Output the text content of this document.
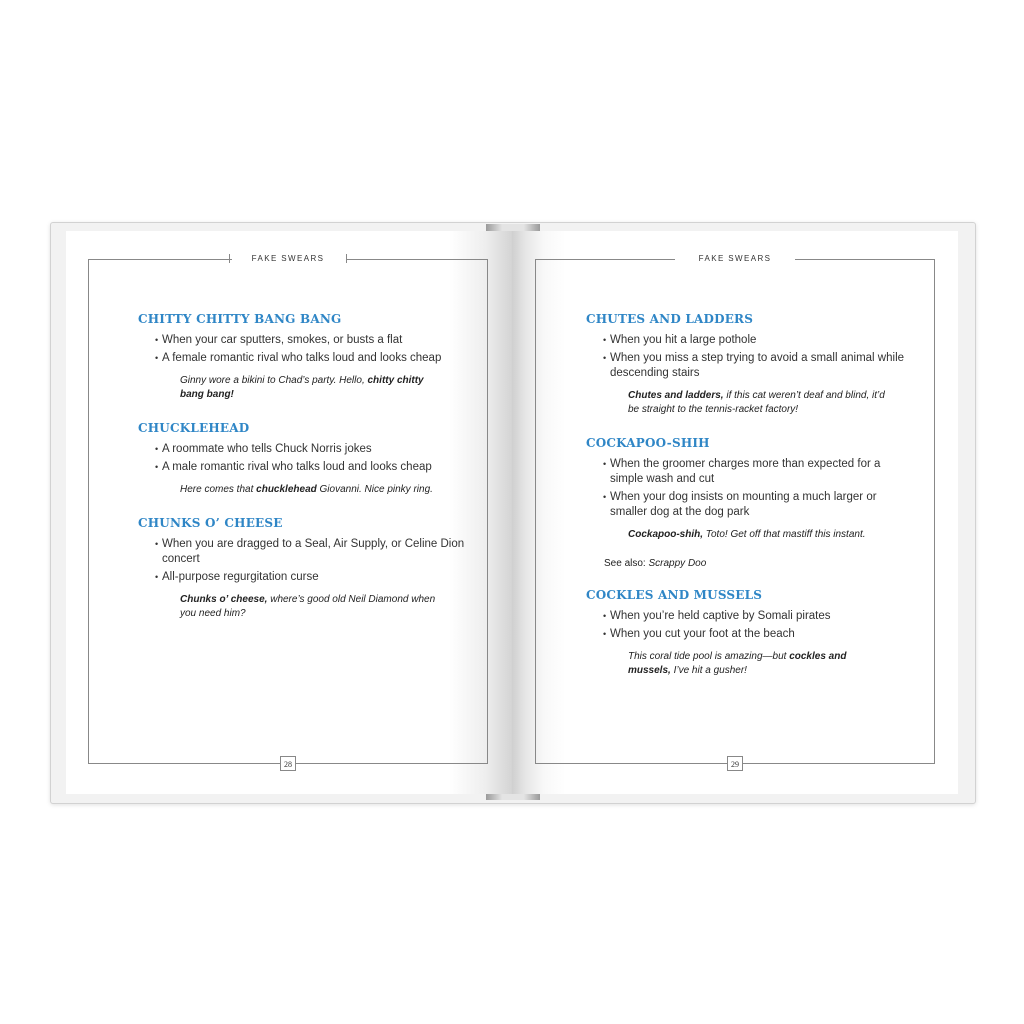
FAKE SWEARS
28
CHITTY CHITTY BANG BANG
• When your car sputters, smokes, or busts a flat
• A female romantic rival who talks loud and looks cheap
Ginny wore a bikini to Chad’s party. Hello, chitty chitty bang bang!
CHUCKLEHEAD
• A roommate who tells Chuck Norris jokes
• A male romantic rival who talks loud and looks cheap
Here comes that chucklehead Giovanni. Nice pinky ring.
CHUNKS O’ CHEESE
• When you are dragged to a Seal, Air Supply, or Celine Dion concert
• All-purpose regurgitation curse
Chunks o’ cheese, where’s good old Neil Diamond when you need him?
FAKE SWEARS
29
CHUTES AND LADDERS
• When you hit a large pothole
• When you miss a step trying to avoid a small animal while descending stairs
Chutes and ladders, if this cat weren’t deaf and blind, it’d be straight to the tennis-racket factory!
COCKAPOO-SHIH
• When the groomer charges more than expected for a simple wash and cut
• When your dog insists on mounting a much larger or smaller dog at the dog park
Cockapoo-shih, Toto! Get off that mastiff this instant.
See also: Scrappy Doo
COCKLES AND MUSSELS
• When you’re held captive by Somali pirates
• When you cut your foot at the beach
This coral tide pool is amazing—but cockles and mussels, I’ve hit a gusher!
